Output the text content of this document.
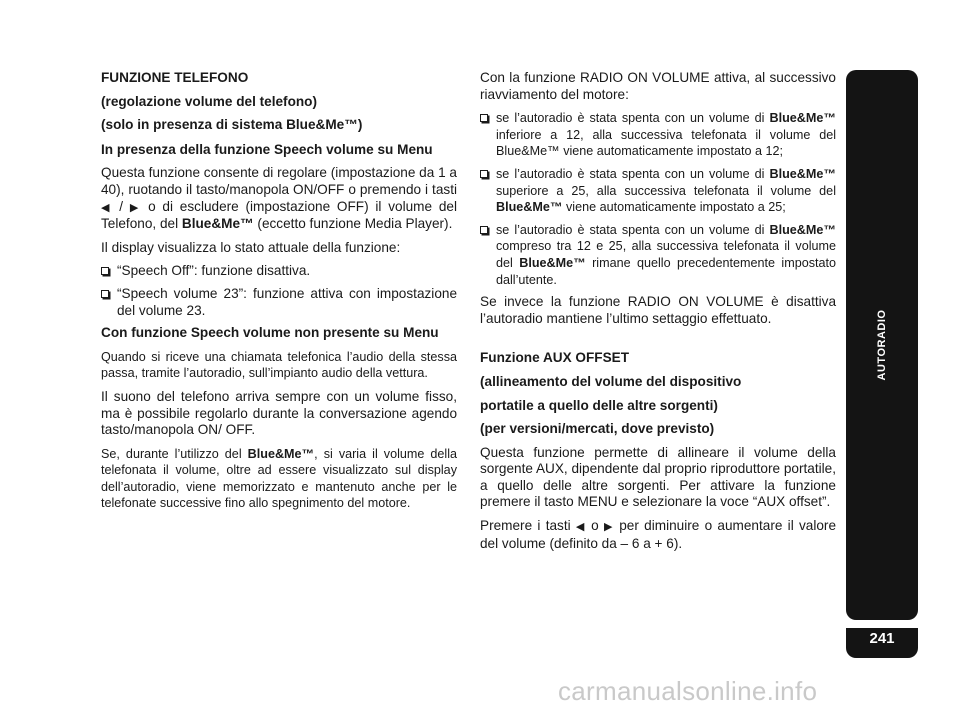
FUNZIONE TELEFONO

(regolazione volume del telefono)

(solo in presenza di sistema Blue&Me™)

In presenza della funzione Speech volume su Menu

Questa funzione consente di regolare (impostazione da 1 a 40), ruotando il tasto/manopola ON/OFF o premendo i tasti ◀ / ▶ o di escludere (impostazione OFF) il volume del Telefono, del Blue&Me™ (eccetto funzione Media Player).

Il display visualizza lo stato attuale della funzione:

“Speech Off”: funzione disattiva.

“Speech volume 23”: funzione attiva con impostazione del volume 23.

Con funzione Speech volume non presente su Menu

Quando si riceve una chiamata telefonica l’audio della stessa passa, tramite l’autoradio, sull’impianto audio della vettura.

Il suono del telefono arriva sempre con un volume fisso, ma è possibile regolarlo durante la conversazione agendo tasto/manopola ON/ OFF.

Se, durante l’utilizzo del Blue&Me™, si varia il volume della telefonata il volume, oltre ad essere visualizzato sul display dell’autoradio, viene memorizzato e mantenuto anche per le telefonate successive fino allo spegnimento del motore.

Con la funzione RADIO ON VOLUME attiva, al successivo riavviamento del motore:

se l’autoradio è stata spenta con un volume di Blue&Me™ inferiore a 12, alla successiva telefonata il volume del Blue&Me™ viene automaticamente impostato a 12;

se l’autoradio è stata spenta con un volume di Blue&Me™ superiore a 25, alla successiva telefonata il volume del Blue&Me™ viene automaticamente impostato a 25;

se l’autoradio è stata spenta con un volume di Blue&Me™ compreso tra 12 e 25, alla successiva telefonata il volume del Blue&Me™ rimane quello precedentemente impostato dall’utente.

Se invece la funzione RADIO ON VOLUME è disattiva l’autoradio mantiene l’ultimo settaggio effettuato.

Funzione AUX OFFSET

(allineamento del volume del dispositivo

portatile a quello delle altre sorgenti)

(per versioni/mercati, dove previsto)

Questa funzione permette di allineare il volume della sorgente AUX, dipendente dal proprio riproduttore portatile, a quello delle altre sorgenti. Per attivare la funzione premere il tasto MENU e selezionare la voce “AUX offset”.

Premere i tasti ◀ o ▶ per diminuire o aumentare il valore del volume (definito da – 6 a + 6).

AUTORADIO
241
carmanualsonline.info
